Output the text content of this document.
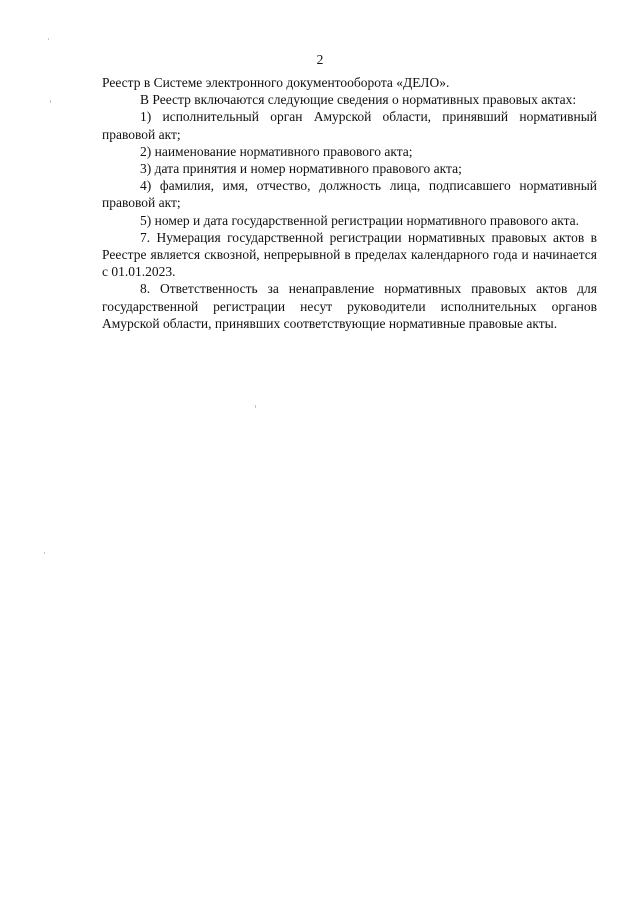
2

Реестр в Системе электронного документооборота «ДЕЛО».

В Реестр включаются следующие сведения о нормативных правовых актах:

1) исполнительный орган Амурской области, принявший нормативный правовой акт;

2) наименование нормативного правового акта;

3) дата принятия и номер нормативного правового акта;

4) фамилия, имя, отчество, должность лица, подписавшего нормативный правовой акт;

5) номер и дата государственной регистрации нормативного правового акта.

7. Нумерация государственной регистрации нормативных правовых актов в Реестре является сквозной, непрерывной в пределах календарного года и начинается с 01.01.2023.

8. Ответственность за ненаправление нормативных правовых актов для государственной регистрации несут руководители исполнительных органов Амурской области, принявших соответствующие нормативные правовые акты.
